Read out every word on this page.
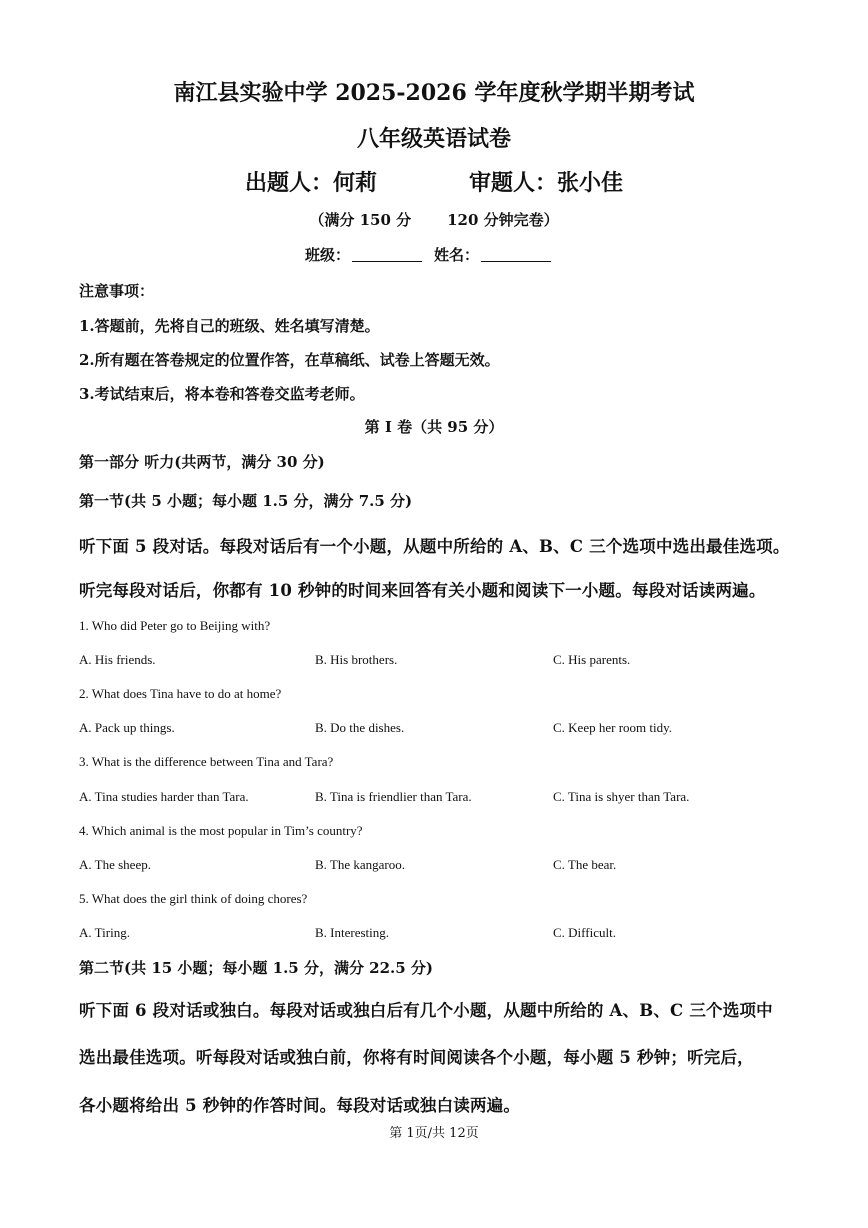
南江县实验中学 2025-2026 学年度秋学期半期考试
八年级英语试卷
出题人：何莉	审题人：张小佳
（满分 150 分 120 分钟完卷）
班级：	姓名：
注意事项：
1.答题前，先将自己的班级、姓名填写清楚。
2.所有题在答卷规定的位置作答，在草稿纸、试卷上答题无效。
3.考试结束后，将本卷和答卷交监考老师。
第 I 卷（共 95 分）
第一部分 听力(共两节，满分 30 分)
第一节(共 5 小题；每小题 1.5 分，满分 7.5 分)
听下面 5 段对话。每段对话后有一个小题，从题中所给的 A、B、C 三个选项中选出最佳选项。
听完每段对话后，你都有 10 秒钟的时间来回答有关小题和阅读下一小题。每段对话读两遍。
1. Who did Peter go to Beijing with?
A. His friends.	B. His brothers.	C. His parents.
2. What does Tina have to do at home?
A. Pack up things.	B. Do the dishes.	C. Keep her room tidy.
3. What is the difference between Tina and Tara?
A. Tina studies harder than Tara.	B. Tina is friendlier than Tara.	C. Tina is shyer than Tara.
4. Which animal is the most popular in Tim’s country?
A. The sheep.	B. The kangaroo.	C. The bear.
5. What does the girl think of doing chores?
A. Tiring.	B. Interesting.	C. Difficult.
第二节(共 15 小题；每小题 1.5 分，满分 22.5 分)
听下面 6 段对话或独白。每段对话或独白后有几个小题，从题中所给的 A、B、C 三个选项中
选出最佳选项。听每段对话或独白前，你将有时间阅读各个小题，每小题 5 秒钟；听完后，
各小题将给出 5 秒钟的作答时间。每段对话或独白读两遍。
第 1页/共 12页
